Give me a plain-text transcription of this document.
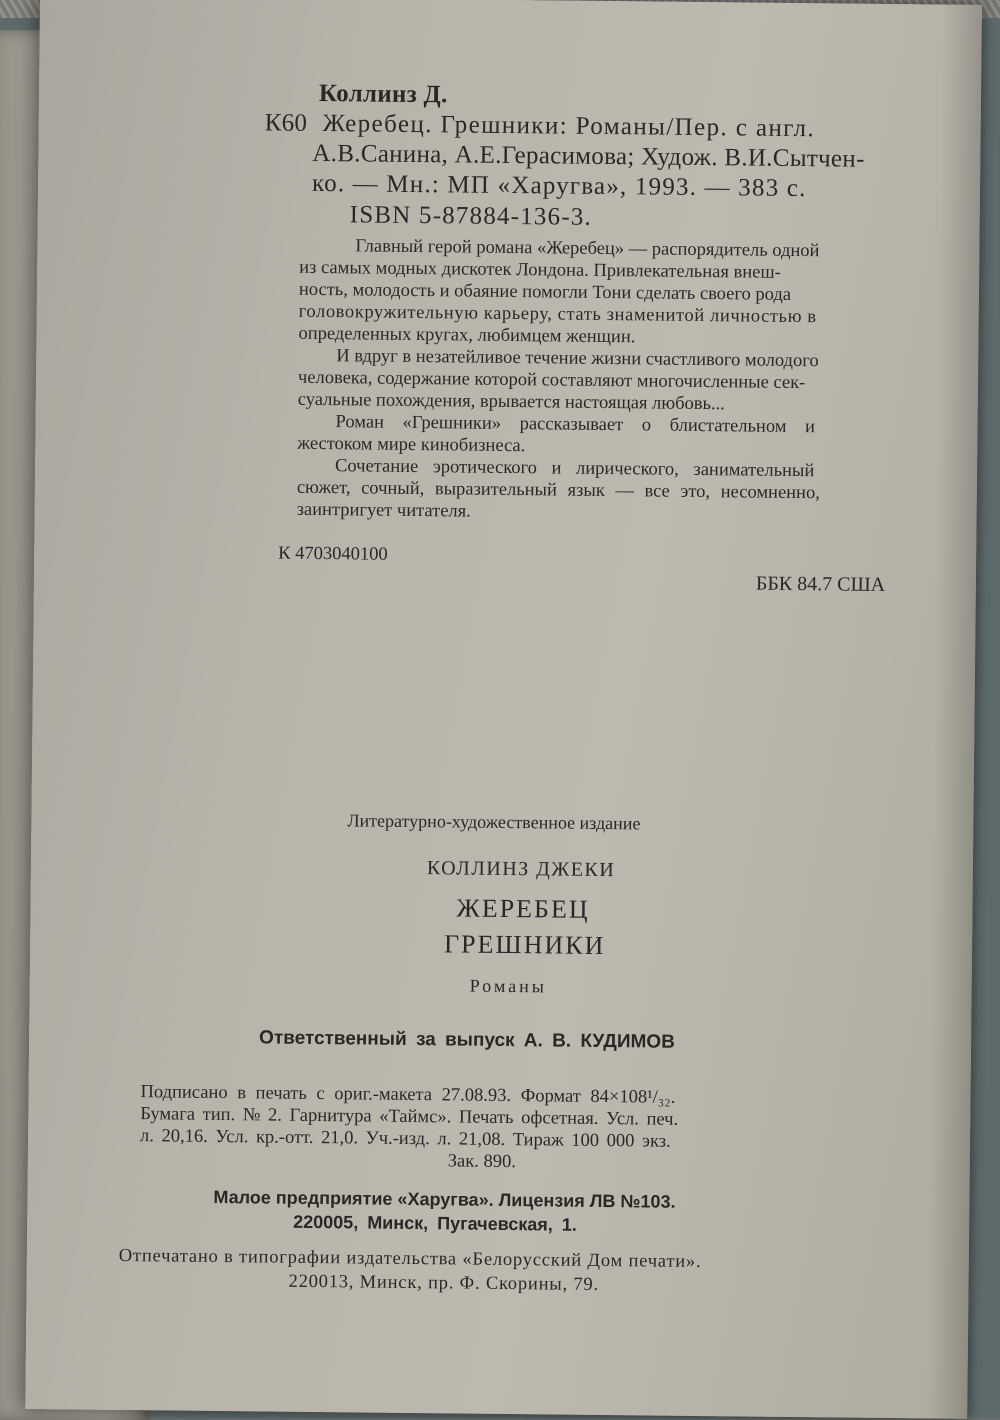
Коллинз Д.

К60 Жеребец. Грешники: Романы/Пер. с англ.

А.В.Санина, А.Е.Герасимова; Худож. В.И.Сытчен-

ко. — Мн.: МП «Харугва», 1993. — 383 с.

ISBN 5-87884-136-3.

Главный герой романа «Жеребец» — распорядитель одной

из самых модных дискотек Лондона. Привлекательная внеш-

ность, молодость и обаяние помогли Тони сделать своего рода

головокружительную карьеру, стать знаменитой личностью в

определенных кругах, любимцем женщин.

И вдруг в незатейливое течение жизни счастливого молодого

человека, содержание которой составляют многочисленные сек-

суальные похождения, врывается настоящая любовь...

Роман «Грешники» рассказывает о блистательном и

жестоком мире кинобизнеса.

Сочетание эротического и лирического, занимательный

сюжет, сочный, выразительный язык — все это, несомненно,

заинтригует читателя.

К 4703040100

ББК 84.7 США

Литературно-художественное издание

КОЛЛИНЗ ДЖЕКИ

ЖЕРЕБЕЦ

ГРЕШНИКИ

Романы

Ответственный за выпуск А. В. КУДИМОВ

Подписано в печать с ориг.-макета 27.08.93. Формат 84×108¹/₃₂.

Бумага тип. № 2. Гарнитура «Таймс». Печать офсетная. Усл. печ.

л. 20,16. Усл. кр.-отт. 21,0. Уч.-изд. л. 21,08. Тираж 100 000 экз.

Зак. 890.

Малое предприятие «Харугва». Лицензия ЛВ №103.

220005, Минск, Пугачевская, 1.

Отпечатано в типографии издательства «Белорусский Дом печати».

220013, Минск, пр. Ф. Скорины, 79.
